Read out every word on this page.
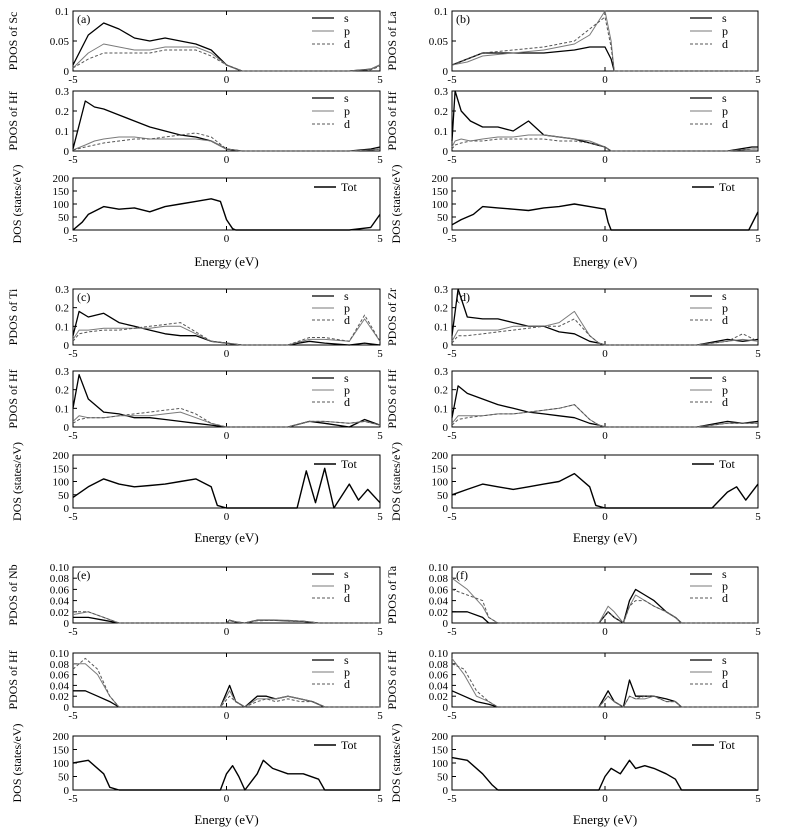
-5	0	5
0
0.05
0.1
PDOS of Sc	s
p
d
(a)
-5	0	5
0
0.1
0.2
0.3
PDOS of Hf	s
p
d
-5	0	5
0
50
100
150
200
DOS (states/eV)	Tot
Energy (eV)
-5	0	5
0
0.05
0.1
PDOS of La	s
p
d
(b)
-5	0	5
0
0.1
0.2
0.3
PDOS of Hf	s
p
d
-5	0	5
0
50
100
150
200
DOS (states/eV)	Tot
Energy (eV)
-5	0	5
0
0.1
0.2
0.3
PDOS of Ti	s
p
d
(c)
-5	0	5
0
0.1
0.2
0.3
PDOS of Hf	s
p
d
-5	0	5
0
50
100
150
200
DOS (states/eV)	Tot
Energy (eV)
-5	0	5
0
0.1
0.2
0.3
PDOS of Zr	s
p
d
(d)
-5	0	5
0
0.1
0.2
0.3
PDOS of Hf	s
p
d
-5	0	5
0
50
100
150
200
DOS (states/eV)	Tot
Energy (eV)
-5	0	5
0
0.02
0.04
0.06
0.08
0.10
PDOS of Nb	s
p
d
(e)
-5	0	5
0
0.02
0.04
0.06
0.08
0.10
PDOS of Hf	s
p
d
-5	0	5
0
50
100
150
200
DOS (states/eV)	Tot
Energy (eV)
-5	0	5
0
0.02
0.04
0.06
0.08
0.10
PDOS of Ta	s
p
d
(f)
-5	0	5
0
0.02
0.04
0.06
0.08
0.10
PDOS of Hf	s
p
d
-5	0	5
0
50
100
150
200
DOS (states/eV)	Tot
Energy (eV)
